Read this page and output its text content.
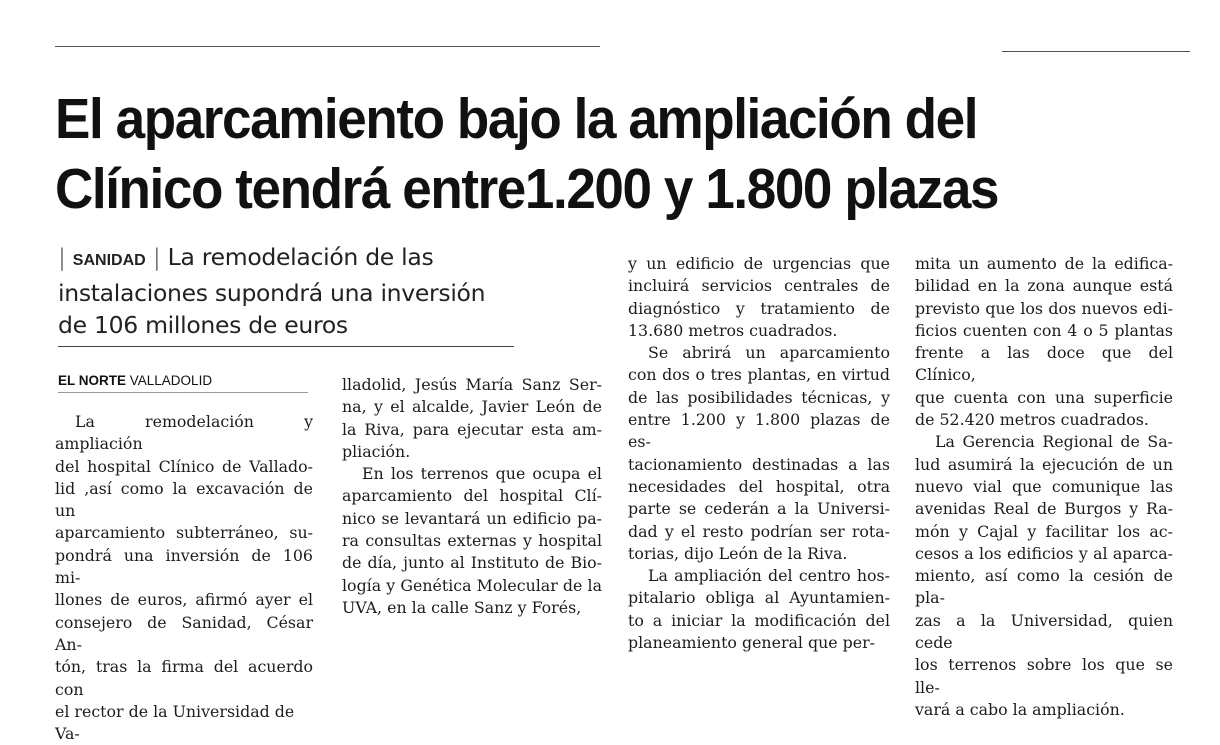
El aparcamiento bajo la ampliación del
Clínico tendrá entre1.200 y 1.800 plazas
| SANIDAD | La remodelación de las
instalaciones supondrá una inversión
de 106 millones de euros
EL NORTE VALLADOLID
La remodelación y ampliación
del hospital Clínico de Vallado-
lid ,así como la excavación de un
aparcamiento subterráneo, su-
pondrá una inversión de 106 mi-
llones de euros, afirmó ayer el
consejero de Sanidad, César An-
tón, tras la firma del acuerdo con
el rector de la Universidad de Va-
lladolid, Jesús María Sanz Ser-
na, y el alcalde, Javier León de
la Riva, para ejecutar esta am-
pliación.
En los terrenos que ocupa el
aparcamiento del hospital Clí-
nico se levantará un edificio pa-
ra consultas externas y hospital
de día, junto al Instituto de Bio-
logía y Genética Molecular de la
UVA, en la calle Sanz y Forés,
y un edificio de urgencias que
incluirá servicios centrales de
diagnóstico y tratamiento de
13.680 metros cuadrados.
Se abrirá un aparcamiento
con dos o tres plantas, en virtud
de las posibilidades técnicas, y
entre 1.200 y 1.800 plazas de es-
tacionamiento destinadas a las
necesidades del hospital, otra
parte se cederán a la Universi-
dad y el resto podrían ser rota-
torias, dijo León de la Riva.
La ampliación del centro hos-
pitalario obliga al Ayuntamien-
to a iniciar la modificación del
planeamiento general que per-
mita un aumento de la edifica-
bilidad en la zona aunque está
previsto que los dos nuevos edi-
ficios cuenten con 4 o 5 plantas
frente a las doce que del Clínico,
que cuenta con una superficie
de 52.420 metros cuadrados.
La Gerencia Regional de Sa-
lud asumirá la ejecución de un
nuevo vial que comunique las
avenidas Real de Burgos y Ra-
món y Cajal y facilitar los ac-
cesos a los edificios y al aparca-
miento, así como la cesión de pla-
zas a la Universidad, quien cede
los terrenos sobre los que se lle-
vará a cabo la ampliación.
